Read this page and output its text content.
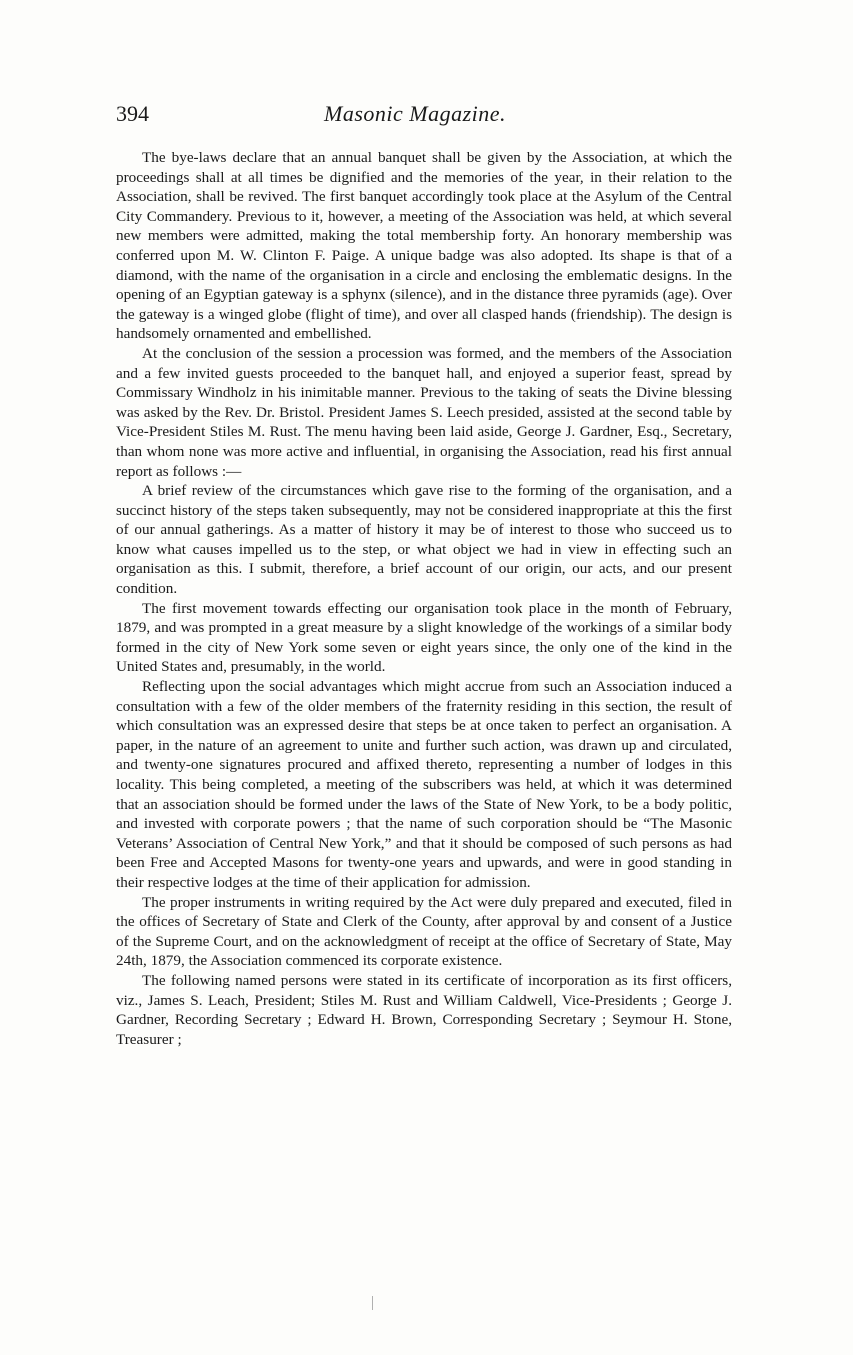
394	Masonic Magazine.

The bye-laws declare that an annual banquet shall be given by the Association, at which the proceedings shall at all times be dignified and the memories of the year, in their relation to the Association, shall be revived. The first banquet accordingly took place at the Asylum of the Central City Commandery. Previous to it, however, a meeting of the Association was held, at which several new members were admitted, making the total membership forty. An honorary membership was conferred upon M. W. Clinton F. Paige. A unique badge was also adopted. Its shape is that of a diamond, with the name of the organisation in a circle and enclosing the emblematic designs. In the opening of an Egyptian gateway is a sphynx (silence), and in the distance three pyramids (age). Over the gateway is a winged globe (flight of time), and over all clasped hands (friendship). The design is handsomely ornamented and embellished.

At the conclusion of the session a procession was formed, and the members of the Association and a few invited guests proceeded to the banquet hall, and enjoyed a superior feast, spread by Commissary Windholz in his inimitable manner. Previous to the taking of seats the Divine blessing was asked by the Rev. Dr. Bristol. President James S. Leech presided, assisted at the second table by Vice-President Stiles M. Rust. The menu having been laid aside, George J. Gardner, Esq., Secretary, than whom none was more active and influential, in organising the Association, read his first annual report as follows :—

A brief review of the circumstances which gave rise to the forming of the organisation, and a succinct history of the steps taken subsequently, may not be considered inappropriate at this the first of our annual gatherings. As a matter of history it may be of interest to those who succeed us to know what causes impelled us to the step, or what object we had in view in effecting such an organisation as this. I submit, therefore, a brief account of our origin, our acts, and our present condition.

The first movement towards effecting our organisation took place in the month of February, 1879, and was prompted in a great measure by a slight knowledge of the workings of a similar body formed in the city of New York some seven or eight years since, the only one of the kind in the United States and, presumably, in the world.

Reflecting upon the social advantages which might accrue from such an Association induced a consultation with a few of the older members of the fraternity residing in this section, the result of which consultation was an expressed desire that steps be at once taken to perfect an organisation. A paper, in the nature of an agreement to unite and further such action, was drawn up and circulated, and twenty-one signatures procured and affixed thereto, representing a number of lodges in this locality. This being completed, a meeting of the subscribers was held, at which it was determined that an association should be formed under the laws of the State of New York, to be a body politic, and invested with corporate powers ; that the name of such corporation should be “The Masonic Veterans’ Association of Central New York,” and that it should be composed of such persons as had been Free and Accepted Masons for twenty-one years and upwards, and were in good standing in their respective lodges at the time of their application for admission.

The proper instruments in writing required by the Act were duly prepared and executed, filed in the offices of Secretary of State and Clerk of the County, after approval by and consent of a Justice of the Supreme Court, and on the acknowledgment of receipt at the office of Secretary of State, May 24th, 1879, the Association commenced its corporate existence.

The following named persons were stated in its certificate of incorporation as its first officers, viz., James S. Leach, President; Stiles M. Rust and William Caldwell, Vice-Presidents ; George J. Gardner, Recording Secretary ; Edward H. Brown, Corresponding Secretary ; Seymour H. Stone, Treasurer ;
